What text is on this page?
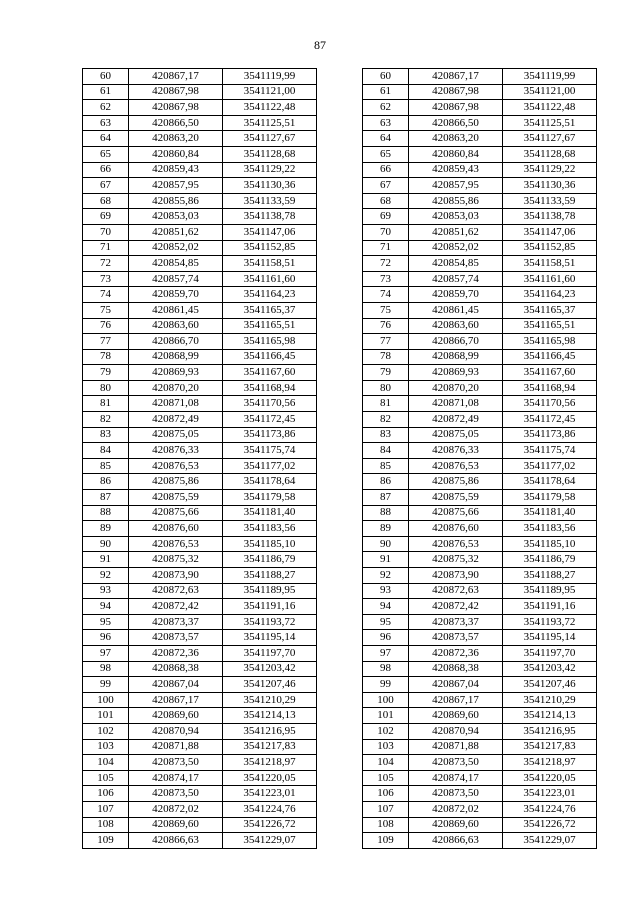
87
60	420867,17	3541119,99		60	420867,17	3541119,99
61	420867,98	3541121,00		61	420867,98	3541121,00
62	420867,98	3541122,48		62	420867,98	3541122,48
63	420866,50	3541125,51		63	420866,50	3541125,51
64	420863,20	3541127,67		64	420863,20	3541127,67
65	420860,84	3541128,68		65	420860,84	3541128,68
66	420859,43	3541129,22		66	420859,43	3541129,22
67	420857,95	3541130,36		67	420857,95	3541130,36
68	420855,86	3541133,59		68	420855,86	3541133,59
69	420853,03	3541138,78		69	420853,03	3541138,78
70	420851,62	3541147,06		70	420851,62	3541147,06
71	420852,02	3541152,85		71	420852,02	3541152,85
72	420854,85	3541158,51		72	420854,85	3541158,51
73	420857,74	3541161,60		73	420857,74	3541161,60
74	420859,70	3541164,23		74	420859,70	3541164,23
75	420861,45	3541165,37		75	420861,45	3541165,37
76	420863,60	3541165,51		76	420863,60	3541165,51
77	420866,70	3541165,98		77	420866,70	3541165,98
78	420868,99	3541166,45		78	420868,99	3541166,45
79	420869,93	3541167,60		79	420869,93	3541167,60
80	420870,20	3541168,94		80	420870,20	3541168,94
81	420871,08	3541170,56		81	420871,08	3541170,56
82	420872,49	3541172,45		82	420872,49	3541172,45
83	420875,05	3541173,86		83	420875,05	3541173,86
84	420876,33	3541175,74		84	420876,33	3541175,74
85	420876,53	3541177,02		85	420876,53	3541177,02
86	420875,86	3541178,64		86	420875,86	3541178,64
87	420875,59	3541179,58		87	420875,59	3541179,58
88	420875,66	3541181,40		88	420875,66	3541181,40
89	420876,60	3541183,56		89	420876,60	3541183,56
90	420876,53	3541185,10		90	420876,53	3541185,10
91	420875,32	3541186,79		91	420875,32	3541186,79
92	420873,90	3541188,27		92	420873,90	3541188,27
93	420872,63	3541189,95		93	420872,63	3541189,95
94	420872,42	3541191,16		94	420872,42	3541191,16
95	420873,37	3541193,72		95	420873,37	3541193,72
96	420873,57	3541195,14		96	420873,57	3541195,14
97	420872,36	3541197,70		97	420872,36	3541197,70
98	420868,38	3541203,42		98	420868,38	3541203,42
99	420867,04	3541207,46		99	420867,04	3541207,46
100	420867,17	3541210,29		100	420867,17	3541210,29
101	420869,60	3541214,13		101	420869,60	3541214,13
102	420870,94	3541216,95		102	420870,94	3541216,95
103	420871,88	3541217,83		103	420871,88	3541217,83
104	420873,50	3541218,97		104	420873,50	3541218,97
105	420874,17	3541220,05		105	420874,17	3541220,05
106	420873,50	3541223,01		106	420873,50	3541223,01
107	420872,02	3541224,76		107	420872,02	3541224,76
108	420869,60	3541226,72		108	420869,60	3541226,72
109	420866,63	3541229,07		109	420866,63	3541229,07
